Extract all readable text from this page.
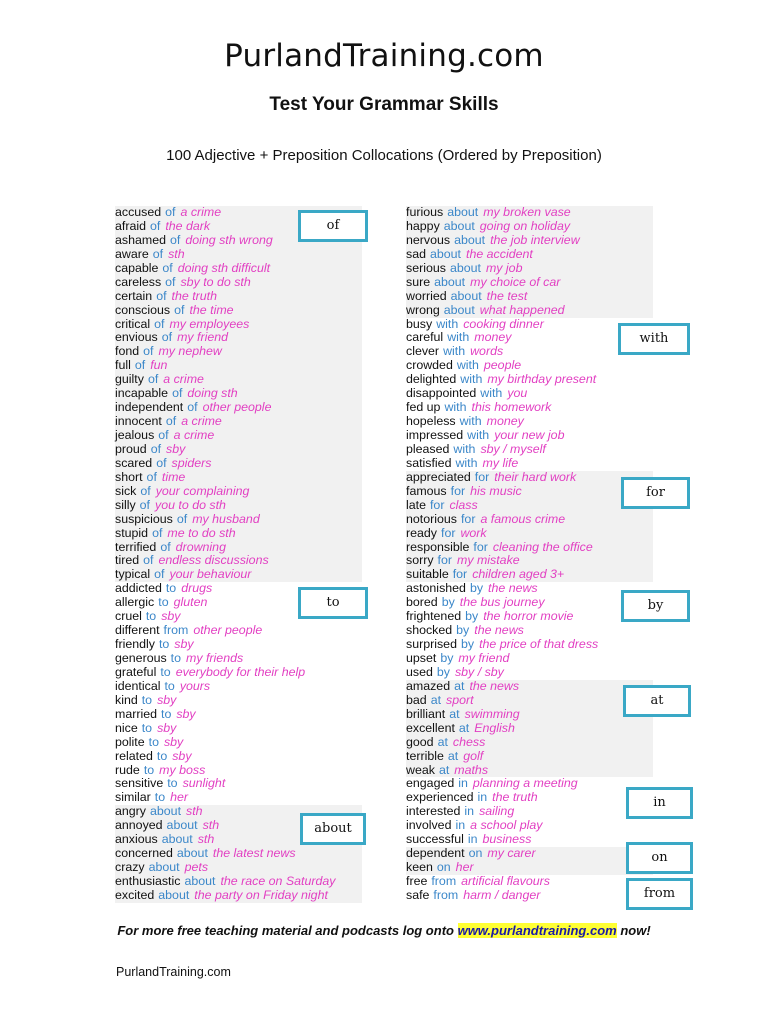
PurlandTraining.com
Test Your Grammar Skills
100 Adjective + Preposition Collocations (Ordered by Preposition)
accused of a crime
afraid of the dark
ashamed of doing sth wrong
aware of sth
capable of doing sth difficult
careless of sby to do sth
certain of the truth
conscious of the time
critical of my employees
envious of my friend
fond of my nephew
full of fun
guilty of a crime
incapable of doing sth
independent of other people
innocent of a crime
jealous of a crime
proud of sby
scared of spiders
short of time
sick of your complaining
silly of you to do sth
suspicious of my husband
stupid of me to do sth
terrified of drowning
tired of endless discussions
typical of your behaviour
addicted to drugs
allergic to gluten
cruel to sby
different from other people
friendly to sby
generous to my friends
grateful to everybody for their help
identical to yours
kind to sby
married to sby
nice to sby
polite to sby
related to sby
rude to my boss
sensitive to sunlight
similar to her
angry about sth
annoyed about sth
anxious about sth
concerned about the latest news
crazy about pets
enthusiastic about the race on Saturday
excited about the party on Friday night
furious about my broken vase
happy about going on holiday
nervous about the job interview
sad about the accident
serious about my job
sure about my choice of car
worried about the test
wrong about what happened
busy with cooking dinner
careful with money
clever with words
crowded with people
delighted with my birthday present
disappointed with you
fed up with this homework
hopeless with money
impressed with your new job
pleased with sby / myself
satisfied with my life
appreciated for their hard work
famous for his music
late for class
notorious for a famous crime
ready for work
responsible for cleaning the office
sorry for my mistake
suitable for children aged 3+
astonished by the news
bored by the bus journey
frightened by the horror movie
shocked by the news
surprised by the price of that dress
upset by my friend
used by sby / sby
amazed at the news
bad at sport
brilliant at swimming
excellent at English
good at chess
terrible at golf
weak at maths
engaged in planning a meeting
experienced in the truth
interested in sailing
involved in a school play
successful in business
dependent on my carer
keen on her
free from artificial flavours
safe from harm / danger
of
to
about
with
for
by
at
in
on
from
For more free teaching material and podcasts log onto www.purlandtraining.com now!
PurlandTraining.com
